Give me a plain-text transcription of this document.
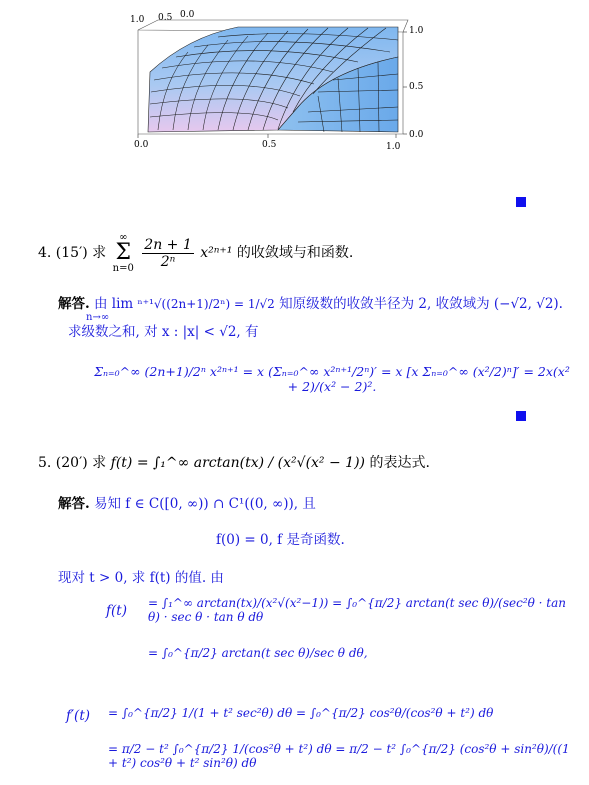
1.0 0.5 0.0
0.0	0.5	1.0
1.0
0.5
0.0
4. (15′) 求
∞
Σ
n=0
$\frac{2n + 1}{\text{2ⁿ}} x^{2n+1}$ 的收敛域与和函数.
解答. 由 lim ⁿ⁺¹√((2n+1)/2ⁿ) = 1/√2 知原级数的收敛半径为 2, 收敛域为 (−√2, √2).
n→∞
求级数之和, 对 x : |x| < √2, 有
Σₙ₌₀^∞ (2n+1)/2ⁿ x²ⁿ⁺¹ = x (Σₙ₌₀^∞ x²ⁿ⁺¹/2ⁿ)′ = x [x Σₙ₌₀^∞ (x²/2)ⁿ]′ = 2x(x² + 2)/(x² − 2)².
5. (20′) 求 f(t) = ∫₁^∞ arctan(tx) / (x²√(x² − 1)) 的表达式.
解答. 易知 f ∈ C([0, ∞)) ∩ C¹((0, ∞)), 且
f(0) = 0, f 是奇函数.
现对 t > 0, 求 f(t) 的值. 由
f(t) = ∫₁^∞ arctan(tx)/(x²√(x²−1)) = ∫₀^{π/2} arctan(t sec θ)/(sec²θ · tan θ) · sec θ · tan θ dθ
= ∫₀^{π/2} arctan(t sec θ)/sec θ dθ,
f′(t) = ∫₀^{π/2} 1/(1 + t² sec²θ) dθ = ∫₀^{π/2} cos²θ/(cos²θ + t²) dθ
= π/2 − t² ∫₀^{π/2} 1/(cos²θ + t²) dθ = π/2 − t² ∫₀^{π/2} (cos²θ + sin²θ)/((1 + t²) cos²θ + t² sin²θ) dθ
